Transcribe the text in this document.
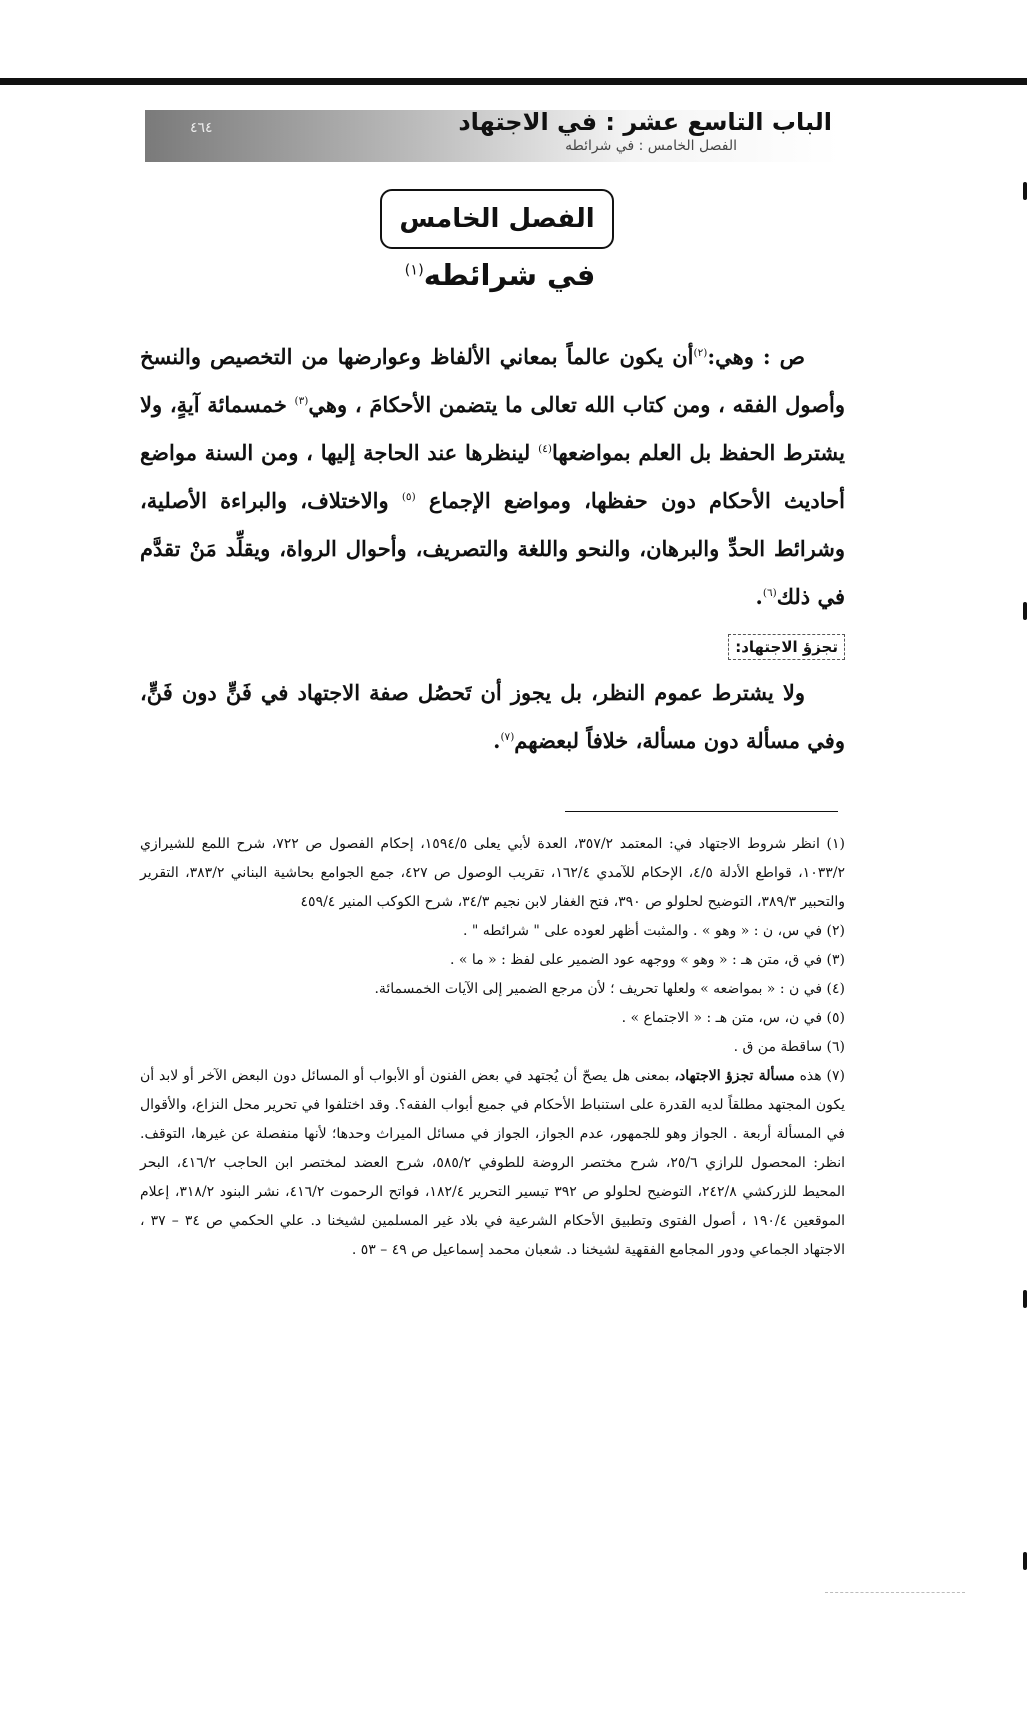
الباب التاسع عشر : في الاجتهاد
الفصل الخامس : في شرائطه
٤٦٤
الفصل الخامس
في شرائطه$^{(١)}$

ص : وهي:$^{(٢)}$أن يكون عالماً بمعاني الألفاظ وعوارضها من التخصيص والنسخ وأصول الفقه ، ومن كتاب الله تعالى ما يتضمن الأحكامَ ، وهي$^{(٣)}$ خمسمائة آيةٍ، ولا يشترط الحفظ بل العلم بمواضعها$^{(٤)}$ لينظرها عند الحاجة إليها ، ومن السنة مواضع أحاديث الأحكام دون حفظها، ومواضع الإجماع $^{(٥)}$ والاختلاف، والبراءة الأصلية، وشرائط الحدِّ والبرهان، والنحو واللغة والتصريف، وأحوال الرواة، ويقلِّد مَنْ تقدَّم في ذلك$^{(٦)}$.

تجزؤ الاجتهاد:

ولا يشترط عموم النظر، بل يجوز أن تَحصُل صفة الاجتهاد في فَنٍّ دون فَنٍّ، وفي مسألة دون مسألة، خلافاً لبعضهم$^{(٧)}$.

(١) انظر شروط الاجتهاد في: المعتمد ٣٥٧/٢، العدة لأبي يعلى ١٥٩٤/٥، إحكام الفصول ص ٧٢٢، شرح اللمع للشيرازي ١٠٣٣/٢، قواطع الأدلة ٤/٥، الإحكام للآمدي ١٦٢/٤، تقريب الوصول ص ٤٢٧، جمع الجوامع بحاشية البناني ٣٨٣/٢، التقرير والتحبير ٣٨٩/٣، التوضيح لحلولو ص ٣٩٠، فتح الغفار لابن نجيم ٣٤/٣، شرح الكوكب المنير ٤٥٩/٤

(٢) في س، ن : « وهو » . والمثبت أظهر لعوده على " شرائطه " .

(٣) في ق، متن هـ : « وهو » ووجهه عود الضمير على لفظ : « ما » .

(٤) في ن : « بمواضعه » ولعلها تحريف ؛ لأن مرجع الضمير إلى الآيات الخمسمائة.

(٥) في ن، س، متن هـ : « الاجتماع » .

(٦) ساقطة من ق .

(٧) هذه مسألة تجزؤ الاجتهاد، بمعنى هل يصحّ أن يُجتهد في بعض الفنون أو الأبواب أو المسائل دون البعض الآخر أو لابد أن يكون المجتهد مطلقاً لديه القدرة على استنباط الأحكام في جميع أبواب الفقه؟. وقد اختلفوا في تحرير محل النزاع، والأقوال في المسألة أربعة . الجواز وهو للجمهور، عدم الجواز، الجواز في مسائل الميراث وحدها؛ لأنها منفصلة عن غيرها، التوقف. انظر: المحصول للرازي ٢٥/٦، شرح مختصر الروضة للطوفي ٥٨٥/٢، شرح العضد لمختصر ابن الحاجب ٤١٦/٢، البحر المحيط للزركشي ٢٤٢/٨، التوضيح لحلولو ص ٣٩٢ تيسير التحرير ١٨٢/٤، فواتح الرحموت ٤١٦/٢، نشر البنود ٣١٨/٢، إعلام الموقعين ١٩٠/٤ ، أصول الفتوى وتطبيق الأحكام الشرعية في بلاد غير المسلمين لشيخنا د. علي الحكمي ص ٣٤ – ٣٧ ، الاجتهاد الجماعي ودور المجامع الفقهية لشيخنا د. شعبان محمد إسماعيل ص ٤٩ – ٥٣ .
